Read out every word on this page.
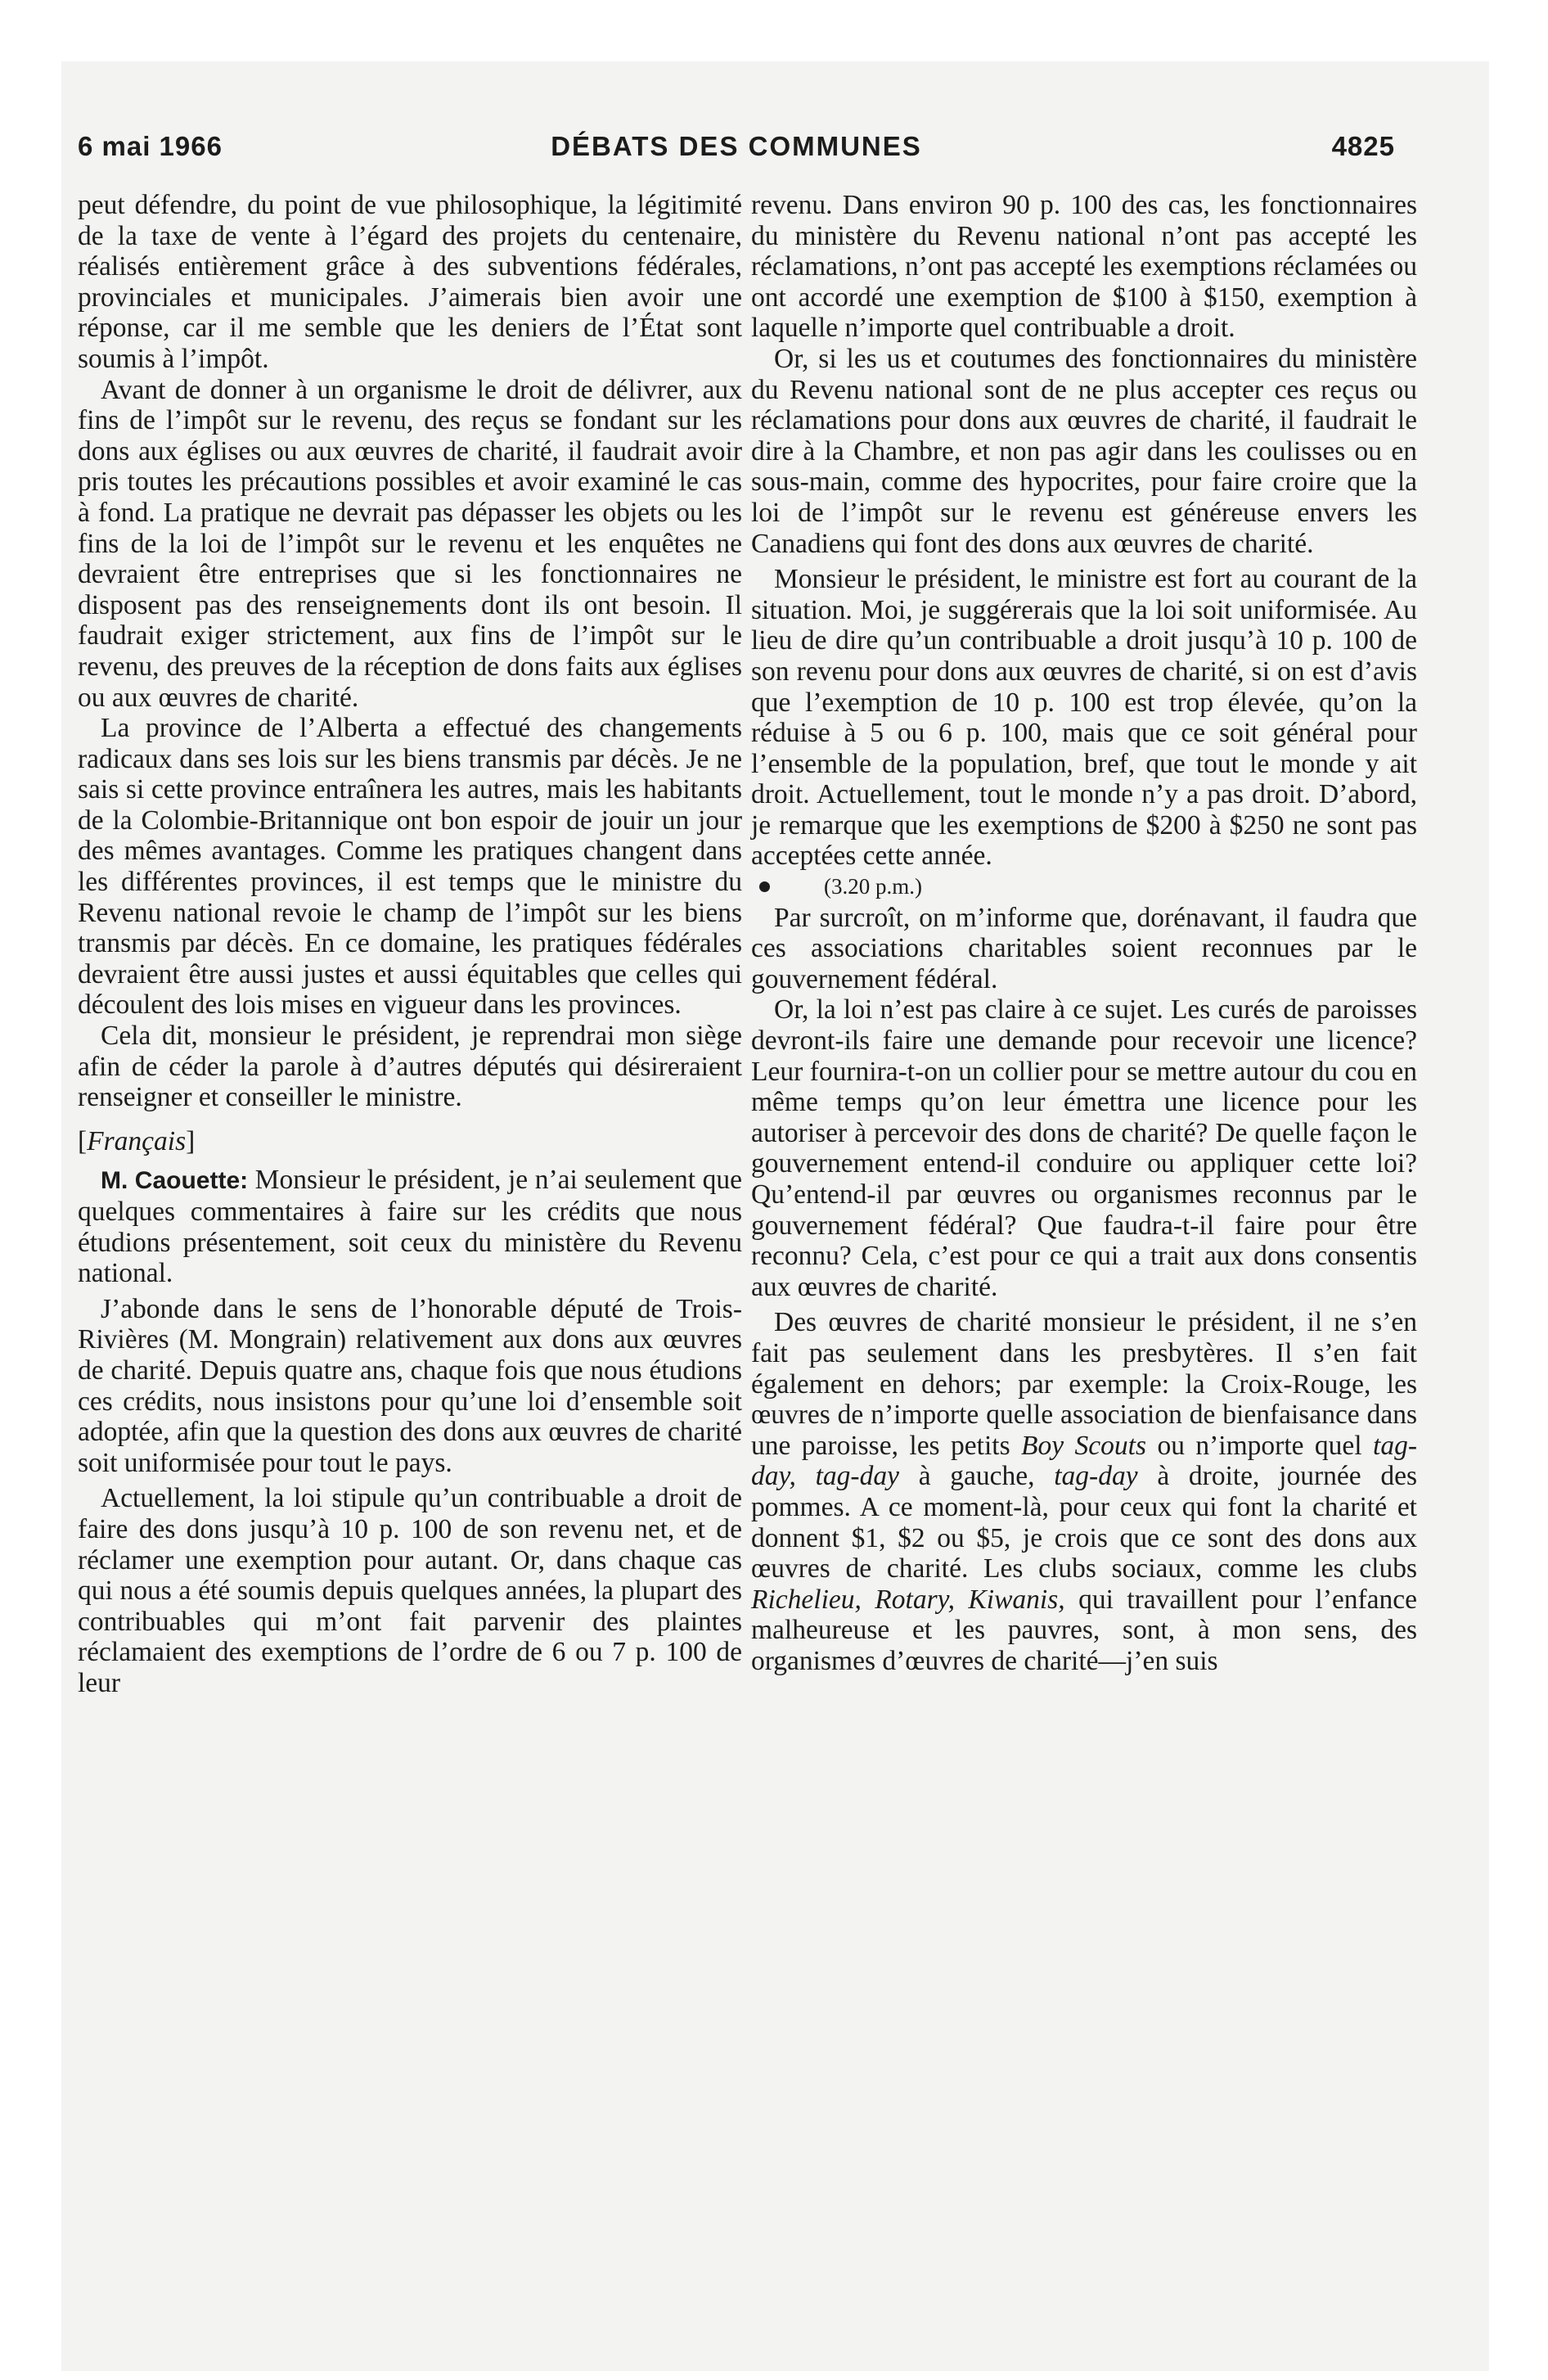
6 mai 1966	DÉBATS DES COMMUNES	4825

peut défendre, du point de vue philosophique, la légitimité de la taxe de vente à l’égard des projets du centenaire, réalisés entièrement grâce à des subventions fédérales, provinciales et municipales. J’aimerais bien avoir une réponse, car il me semble que les deniers de l’État sont soumis à l’impôt.

Avant de donner à un organisme le droit de délivrer, aux fins de l’impôt sur le revenu, des reçus se fondant sur les dons aux églises ou aux œuvres de charité, il faudrait avoir pris toutes les précautions possibles et avoir examiné le cas à fond. La pratique ne devrait pas dépasser les objets ou les fins de la loi de l’impôt sur le revenu et les enquêtes ne devraient être entreprises que si les fonctionnaires ne disposent pas des renseignements dont ils ont besoin. Il faudrait exiger strictement, aux fins de l’impôt sur le revenu, des preuves de la réception de dons faits aux églises ou aux œuvres de charité.

La province de l’Alberta a effectué des changements radicaux dans ses lois sur les biens transmis par décès. Je ne sais si cette province entraînera les autres, mais les habitants de la Colombie-Britannique ont bon espoir de jouir un jour des mêmes avantages. Comme les pratiques changent dans les différentes provinces, il est temps que le ministre du Revenu national revoie le champ de l’impôt sur les biens transmis par décès. En ce domaine, les pratiques fédérales devraient être aussi justes et aussi équitables que celles qui découlent des lois mises en vigueur dans les provinces.

Cela dit, monsieur le président, je reprendrai mon siège afin de céder la parole à d’autres députés qui désireraient renseigner et conseiller le ministre.

[Français]

M. Caouette: Monsieur le président, je n’ai seulement que quelques commentaires à faire sur les crédits que nous étudions présentement, soit ceux du ministère du Revenu national.

J’abonde dans le sens de l’honorable député de Trois-Rivières (M. Mongrain) relativement aux dons aux œuvres de charité. Depuis quatre ans, chaque fois que nous étudions ces crédits, nous insistons pour qu’une loi d’ensemble soit adoptée, afin que la question des dons aux œuvres de charité soit uniformisée pour tout le pays.

Actuellement, la loi stipule qu’un contribuable a droit de faire des dons jusqu’à 10 p. 100 de son revenu net, et de réclamer une exemption pour autant. Or, dans chaque cas qui nous a été soumis depuis quelques années, la plupart des contribuables qui m’ont fait parvenir des plaintes réclamaient des exemptions de l’ordre de 6 ou 7 p. 100 de leur

revenu. Dans environ 90 p. 100 des cas, les fonctionnaires du ministère du Revenu national n’ont pas accepté les réclamations, n’ont pas accepté les exemptions réclamées ou ont accordé une exemption de $100 à $150, exemption à laquelle n’importe quel contribuable a droit.

Or, si les us et coutumes des fonctionnaires du ministère du Revenu national sont de ne plus accepter ces reçus ou réclamations pour dons aux œuvres de charité, il faudrait le dire à la Chambre, et non pas agir dans les coulisses ou en sous-main, comme des hypocrites, pour faire croire que la loi de l’impôt sur le revenu est généreuse envers les Canadiens qui font des dons aux œuvres de charité.

Monsieur le président, le ministre est fort au courant de la situation. Moi, je suggérerais que la loi soit uniformisée. Au lieu de dire qu’un contribuable a droit jusqu’à 10 p. 100 de son revenu pour dons aux œuvres de charité, si on est d’avis que l’exemption de 10 p. 100 est trop élevée, qu’on la réduise à 5 ou 6 p. 100, mais que ce soit général pour l’ensemble de la population, bref, que tout le monde y ait droit. Actuellement, tout le monde n’y a pas droit. D’abord, je remarque que les exemptions de $200 à $250 ne sont pas acceptées cette année.

(3.20 p.m.)

Par surcroît, on m’informe que, dorénavant, il faudra que ces associations charitables soient reconnues par le gouvernement fédéral.

Or, la loi n’est pas claire à ce sujet. Les curés de paroisses devront-ils faire une demande pour recevoir une licence? Leur fournira-t-on un collier pour se mettre autour du cou en même temps qu’on leur émettra une licence pour les autoriser à percevoir des dons de charité? De quelle façon le gouvernement entend-il conduire ou appliquer cette loi? Qu’entend-il par œuvres ou organismes reconnus par le gouvernement fédéral? Que faudra-t-il faire pour être reconnu? Cela, c’est pour ce qui a trait aux dons consentis aux œuvres de charité.

Des œuvres de charité monsieur le président, il ne s’en fait pas seulement dans les presbytères. Il s’en fait également en dehors; par exemple: la Croix-Rouge, les œuvres de n’importe quelle association de bienfaisance dans une paroisse, les petits Boy Scouts ou n’importe quel tag-day, tag-day à gauche, tag-day à droite, journée des pommes. A ce moment-là, pour ceux qui font la charité et donnent $1, $2 ou $5, je crois que ce sont des dons aux œuvres de charité. Les clubs sociaux, comme les clubs Richelieu, Rotary, Kiwanis, qui travaillent pour l’enfance malheureuse et les pauvres, sont, à mon sens, des organismes d’œuvres de charité—j’en suis
